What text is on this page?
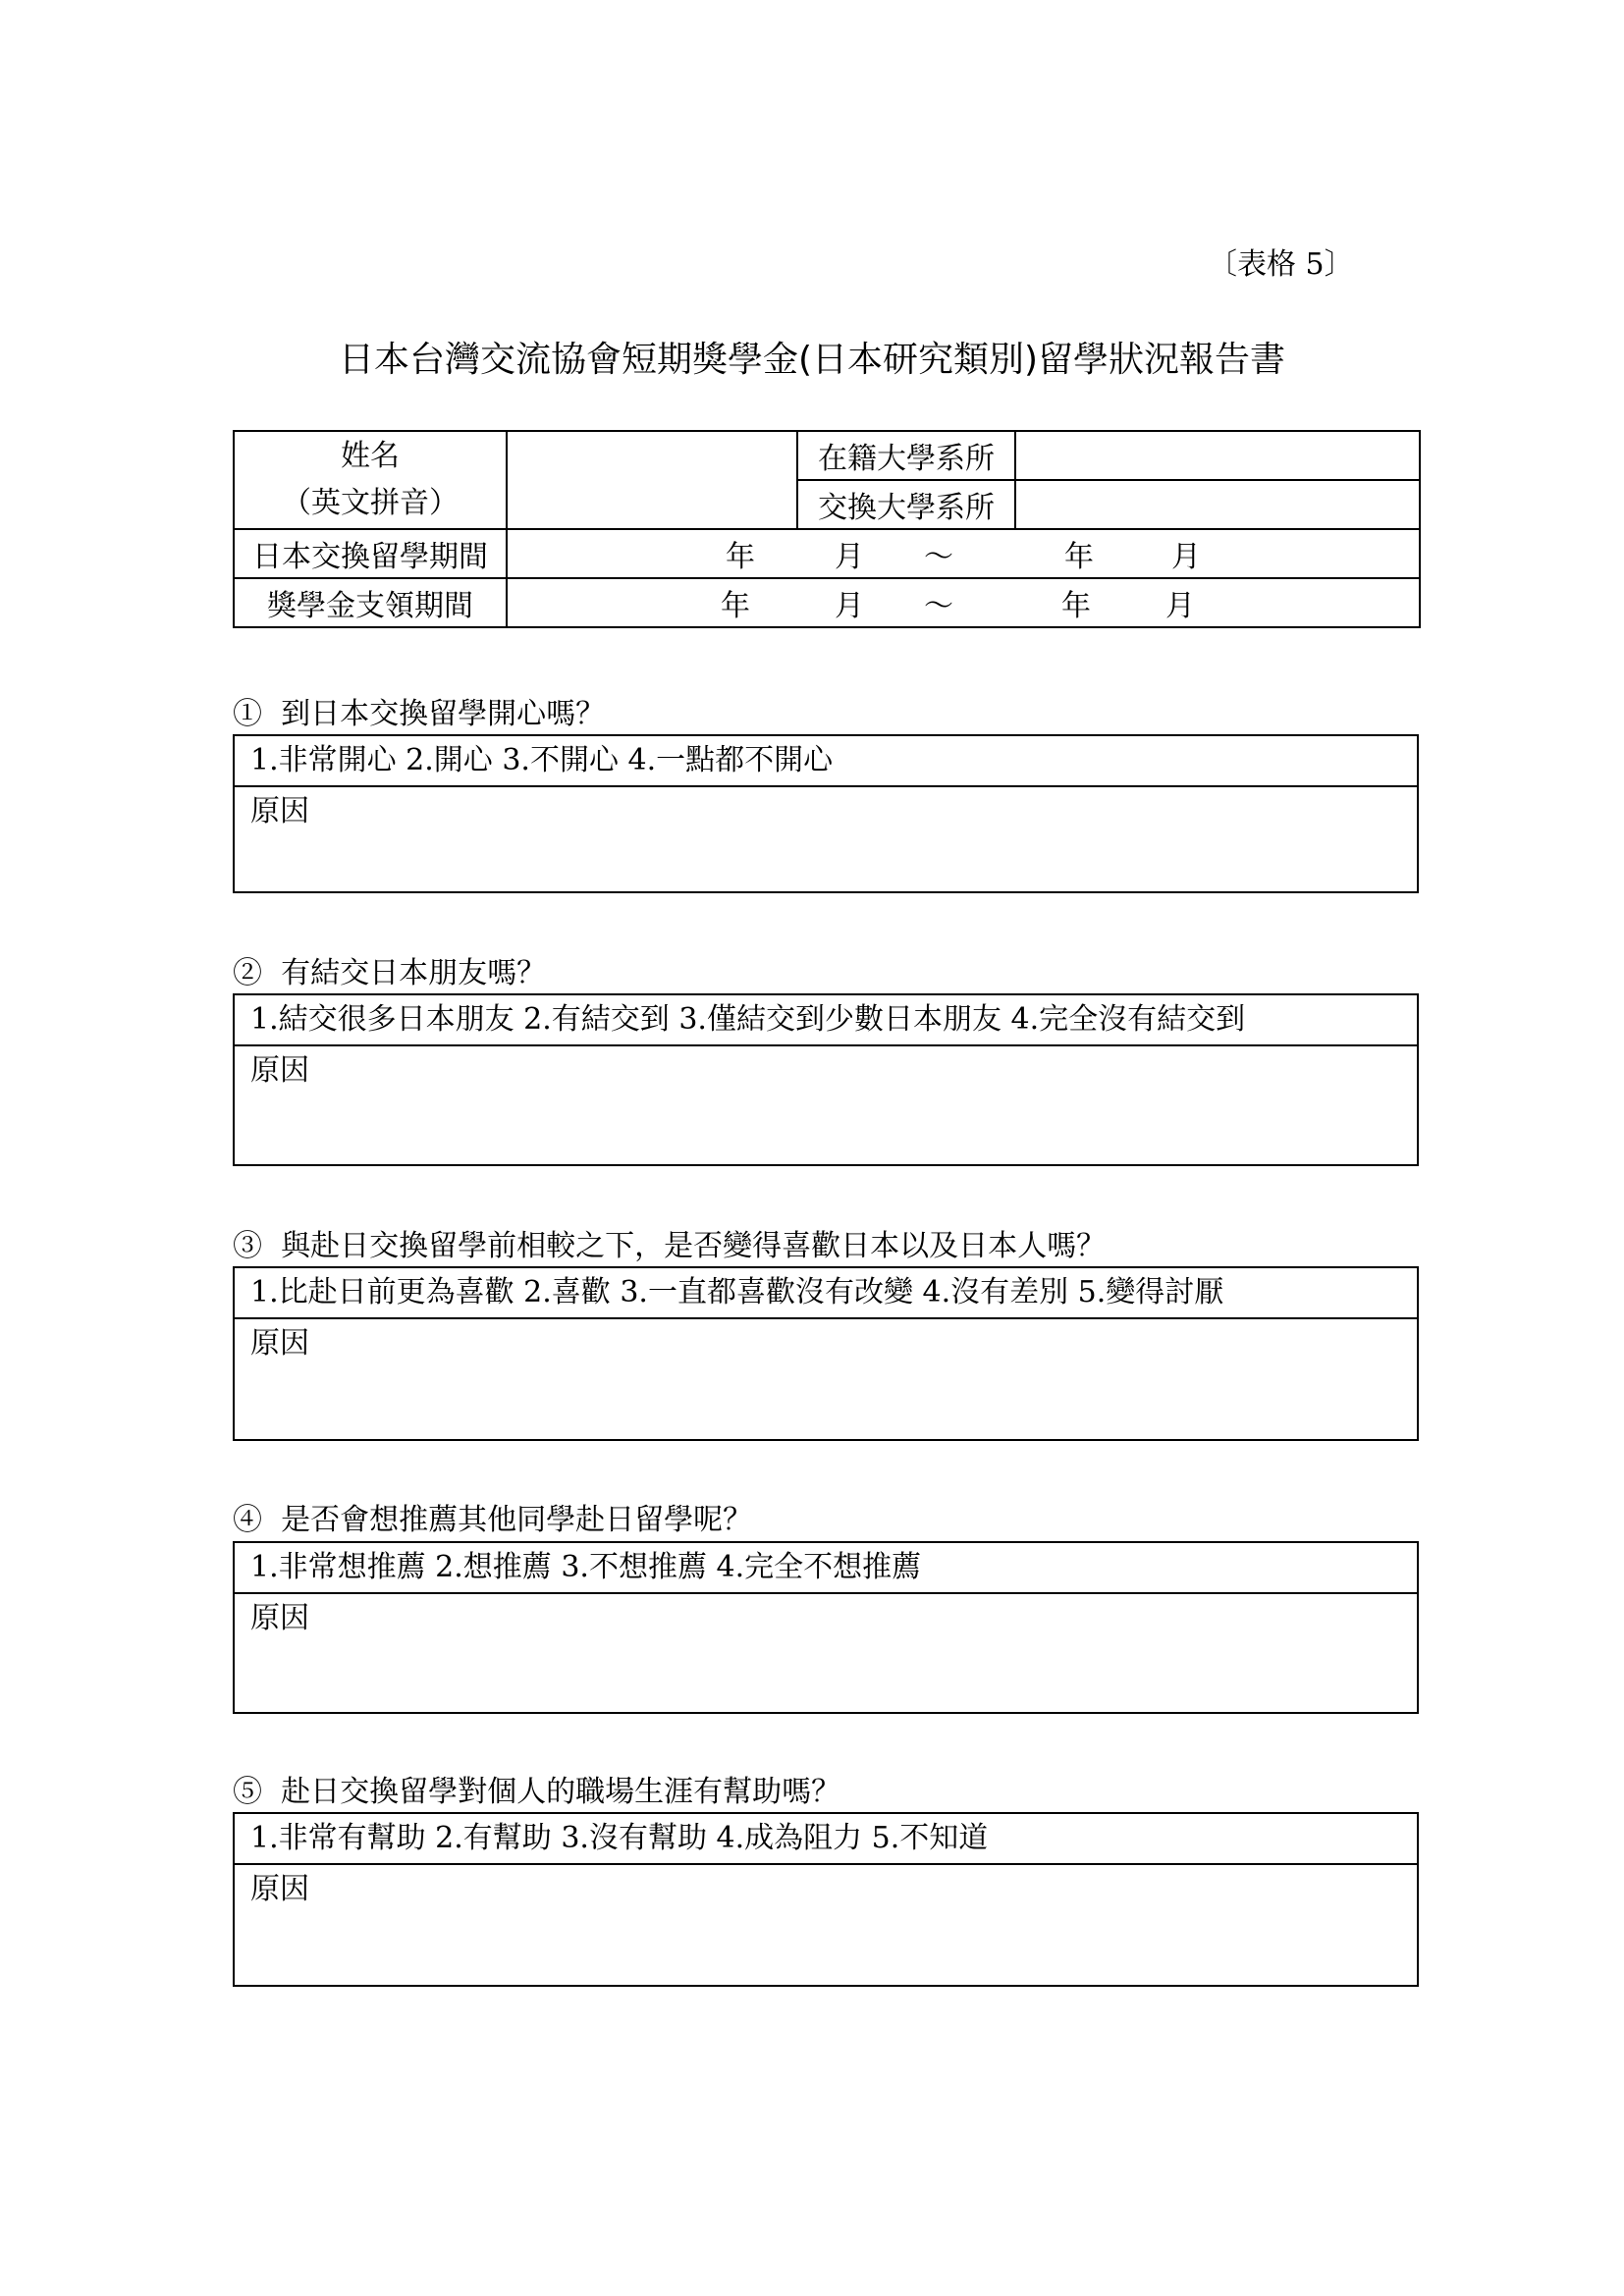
〔表格 5〕
日本台灣交流協會短期獎學金(日本研究類別)留學狀況報告書
姓名
（英文拼音）		在籍大學系所	
		交換大學系所	
日本交換留學期間	年 月 ～ 年 月		

獎學金支領期間	年 月 ～ 年 月		
① 到日本交換留學開心嗎？
1.非常開心 2.開心 3.不開心 4.一點都不開心
原因
② 有結交日本朋友嗎？
1.結交很多日本朋友 2.有結交到 3.僅結交到少數日本朋友 4.完全沒有結交到
原因
③ 與赴日交換留學前相較之下，是否變得喜歡日本以及日本人嗎？
1.比赴日前更為喜歡 2.喜歡 3.一直都喜歡沒有改變 4.沒有差別 5.變得討厭
原因
④ 是否會想推薦其他同學赴日留學呢？
1.非常想推薦 2.想推薦 3.不想推薦 4.完全不想推薦
原因
⑤ 赴日交換留學對個人的職場生涯有幫助嗎？
1.非常有幫助 2.有幫助 3.沒有幫助 4.成為阻力 5.不知道
原因
